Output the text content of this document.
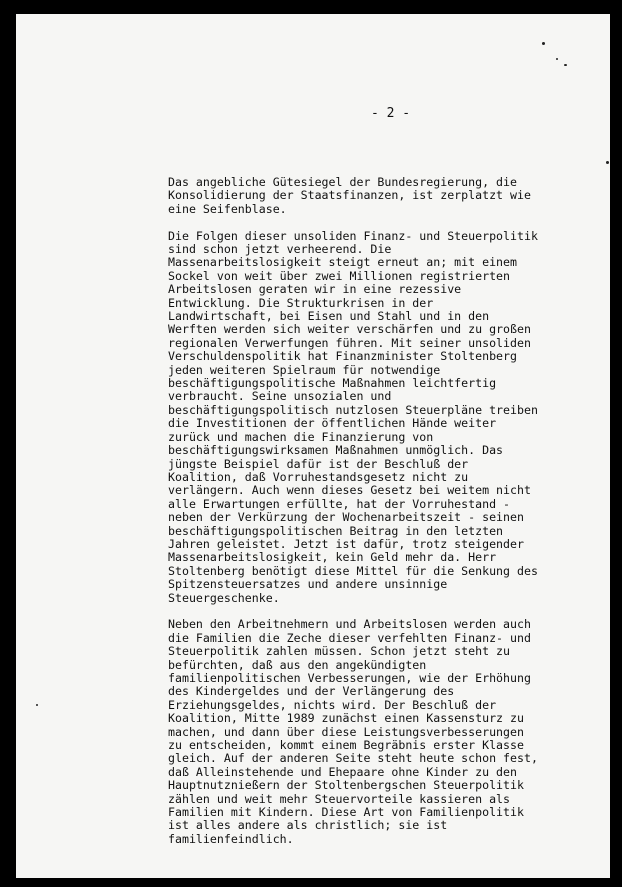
- 2 -
Das angebliche Gütesiegel der Bundesregierung, die
Konsolidierung der Staatsfinanzen, ist zerplatzt wie
eine Seifenblase.
Die Folgen dieser unsoliden Finanz- und Steuerpolitik
sind schon jetzt verheerend. Die
Massenarbeitslosigkeit steigt erneut an; mit einem
Sockel von weit über zwei Millionen registrierten
Arbeitslosen geraten wir in eine rezessive
Entwicklung. Die Strukturkrisen in der
Landwirtschaft, bei Eisen und Stahl und in den
Werften werden sich weiter verschärfen und zu großen
regionalen Verwerfungen führen. Mit seiner unsoliden
Verschuldenspolitik hat Finanzminister Stoltenberg
jeden weiteren Spielraum für notwendige
beschäftigungspolitische Maßnahmen leichtfertig
verbraucht. Seine unsozialen und
beschäftigungspolitisch nutzlosen Steuerpläne treiben
die Investitionen der öffentlichen Hände weiter
zurück und machen die Finanzierung von
beschäftigungswirksamen Maßnahmen unmöglich. Das
jüngste Beispiel dafür ist der Beschluß der
Koalition, daß Vorruhestandsgesetz nicht zu
verlängern. Auch wenn dieses Gesetz bei weitem nicht
alle Erwartungen erfüllte, hat der Vorruhestand -
neben der Verkürzung der Wochenarbeitszeit - seinen
beschäftigungspolitischen Beitrag in den letzten
Jahren geleistet. Jetzt ist dafür, trotz steigender
Massenarbeitslosigkeit, kein Geld mehr da. Herr
Stoltenberg benötigt diese Mittel für die Senkung des
Spitzensteuersatzes und andere unsinnige
Steuergeschenke.
Neben den Arbeitnehmern und Arbeitslosen werden auch
die Familien die Zeche dieser verfehlten Finanz- und
Steuerpolitik zahlen müssen. Schon jetzt steht zu
befürchten, daß aus den angekündigten
familienpolitischen Verbesserungen, wie der Erhöhung
des Kindergeldes und der Verlängerung des
Erziehungsgeldes, nichts wird. Der Beschluß der
Koalition, Mitte 1989 zunächst einen Kassensturz zu
machen, und dann über diese Leistungsverbesserungen
zu entscheiden, kommt einem Begräbnis erster Klasse
gleich. Auf der anderen Seite steht heute schon fest,
daß Alleinstehende und Ehepaare ohne Kinder zu den
Hauptnutznießern der Stoltenbergschen Steuerpolitik
zählen und weit mehr Steuervorteile kassieren als
Familien mit Kindern. Diese Art von Familienpolitik
ist alles andere als christlich; sie ist
familienfeindlich.
